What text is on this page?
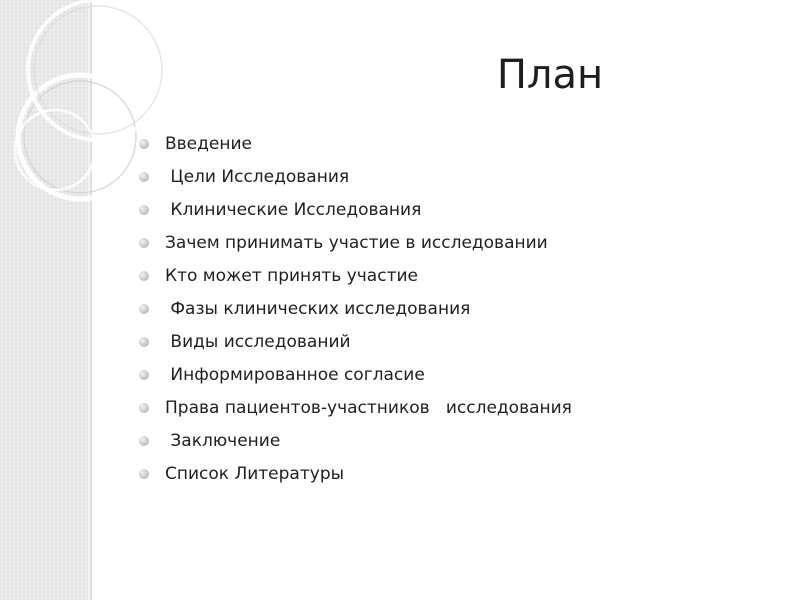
План
Введение
Цели Исследования
Клинические Исследования
Зачем принимать участие в исследовании
Кто может принять участие
Фазы клинических исследования
Виды исследований
Информированное согласие
Права пациентов-участников   исследования
Заключение
Список Литературы
